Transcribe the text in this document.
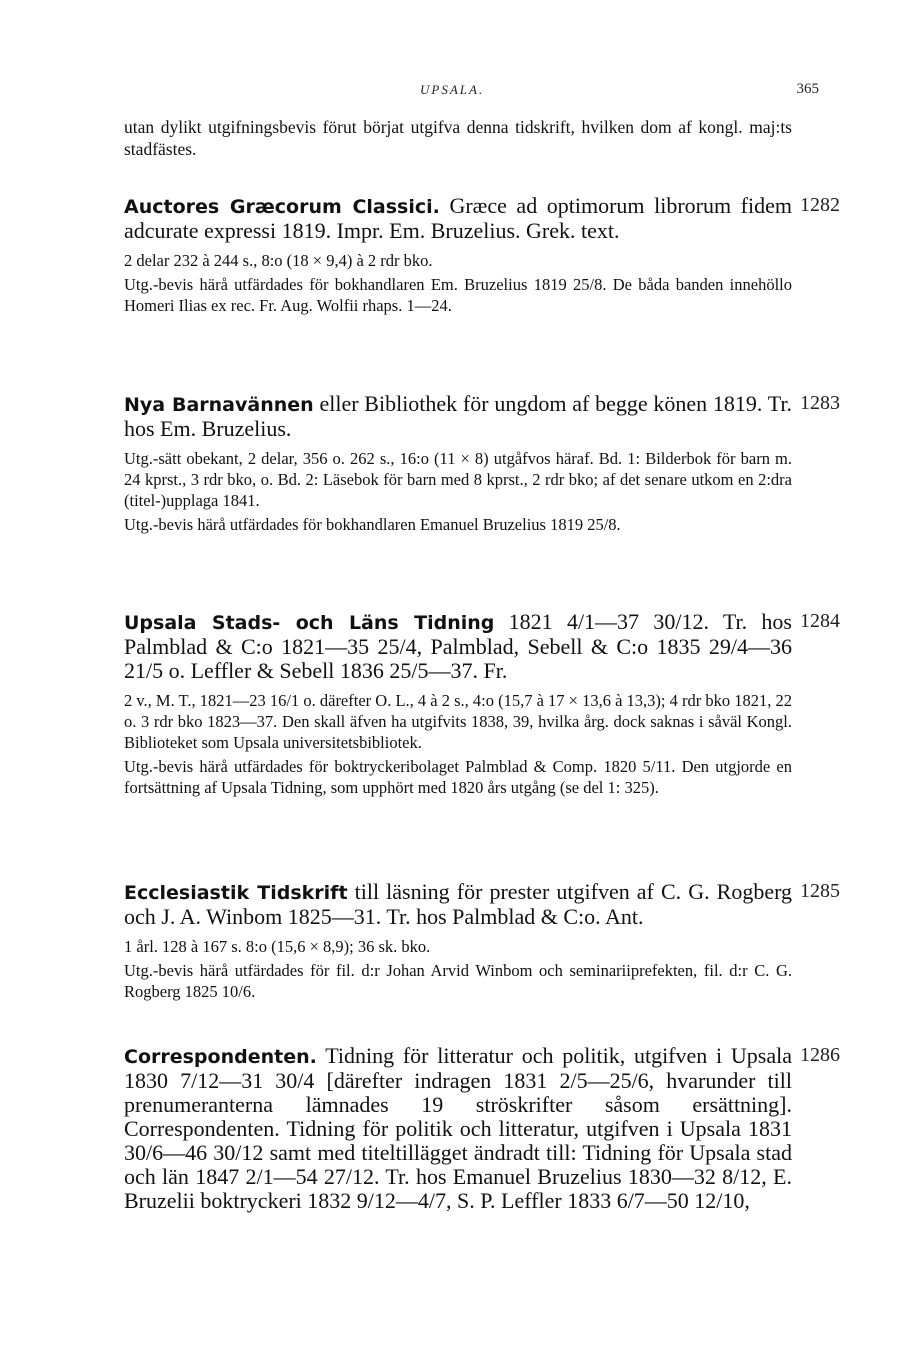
UPSALA.	365

utan dylikt utgifningsbevis förut börjat utgifva denna tidskrift, hvilken dom af kongl. maj:ts stadfästes.

1282

Auctores Græcorum Classici. Græce ad optimorum librorum fidem adcurate expressi 1819. Impr. Em. Bruzelius. Grek. text.

2 delar 232 à 244 s., 8:o (18 × 9,4) à 2 rdr bko.

Utg.-bevis härå utfärdades för bokhandlaren Em. Bruzelius 1819 25/8. De båda banden innehöllo Homeri Ilias ex rec. Fr. Aug. Wolfii rhaps. 1—24.

1283

Nya Barnavännen eller Bibliothek för ungdom af begge könen 1819. Tr. hos Em. Bruzelius.

Utg.-sätt obekant, 2 delar, 356 o. 262 s., 16:o (11 × 8) utgåfvos häraf. Bd. 1: Bilderbok för barn m. 24 kprst., 3 rdr bko, o. Bd. 2: Läsebok för barn med 8 kprst., 2 rdr bko; af det senare utkom en 2:dra (titel-)upplaga 1841.

Utg.-bevis härå utfärdades för bokhandlaren Emanuel Bruzelius 1819 25/8.

1284

Upsala Stads- och Läns Tidning 1821 4/1—37 30/12. Tr. hos Palmblad & C:o 1821—35 25/4, Palmblad, Sebell & C:o 1835 29/4—36 21/5 o. Leffler & Sebell 1836 25/5—37. Fr.

2 v., M. T., 1821—23 16/1 o. därefter O. L., 4 à 2 s., 4:o (15,7 à 17 × 13,6 à 13,3); 4 rdr bko 1821, 22 o. 3 rdr bko 1823—37. Den skall äfven ha utgifvits 1838, 39, hvilka årg. dock saknas i såväl Kongl. Biblioteket som Upsala universitetsbibliotek.

Utg.-bevis härå utfärdades för boktryckeribolaget Palmblad & Comp. 1820 5/11. Den utgjorde en fortsättning af Upsala Tidning, som upphört med 1820 års utgång (se del 1: 325).

1285

Ecclesiastik Tidskrift till läsning för prester utgifven af C. G. Rogberg och J. A. Winbom 1825—31. Tr. hos Palmblad & C:o. Ant.

1 årl. 128 à 167 s. 8:o (15,6 × 8,9); 36 sk. bko.

Utg.-bevis härå utfärdades för fil. d:r Johan Arvid Winbom och seminariiprefekten, fil. d:r C. G. Rogberg 1825 10/6.

1286

Correspondenten. Tidning för litteratur och politik, utgifven i Upsala 1830 7/12—31 30/4 [därefter indragen 1831 2/5—25/6, hvarunder till prenumeranterna lämnades 19 ströskrifter såsom ersättning]. Correspondenten. Tidning för politik och litteratur, utgifven i Upsala 1831 30/6—46 30/12 samt med titeltillägget ändradt till: Tidning för Upsala stad och län 1847 2/1—54 27/12. Tr. hos Emanuel Bruzelius 1830—32 8/12, E. Bruzelii boktryckeri 1832 9/12—4/7, S. P. Leffler 1833 6/7—50 12/10,
